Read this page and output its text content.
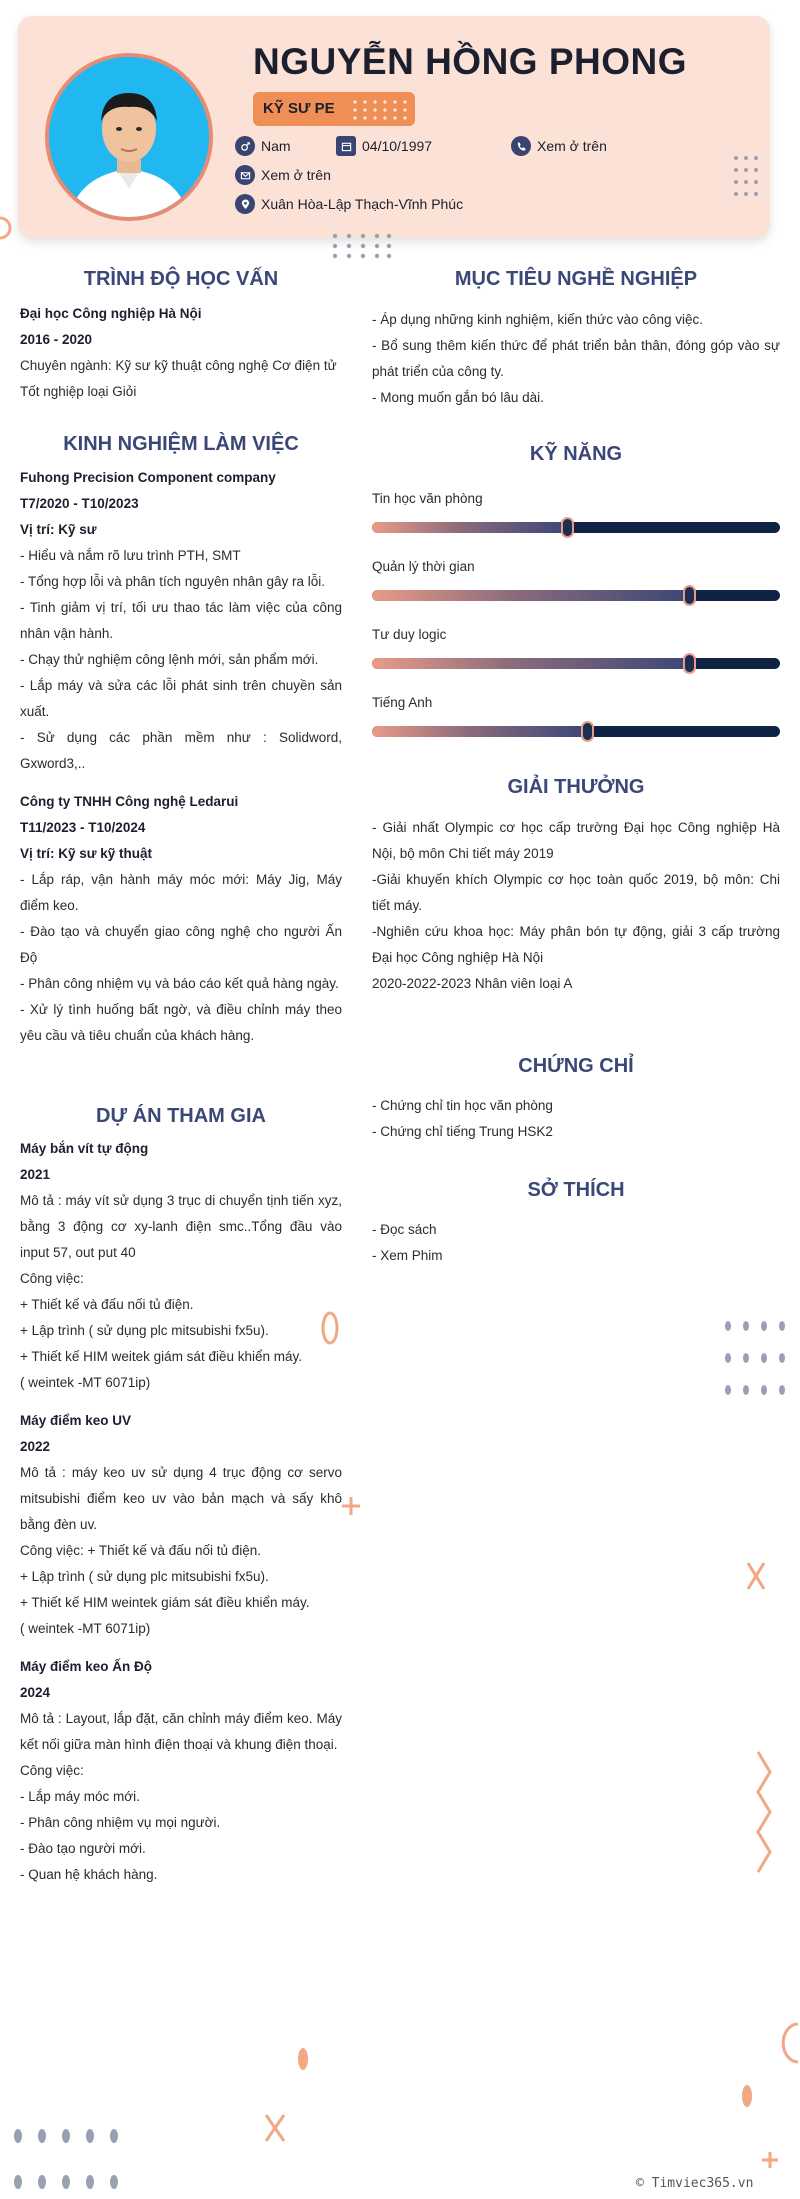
NGUYỄN HỒNG PHONG
KỸ SƯ PE
Nam	04/10/1997	Xem ở trên
Xem ở trên
Xuân Hòa-Lập Thạch-Vĩnh Phúc
TRÌNH ĐỘ HỌC VẤN

Đại học Công nghiệp Hà Nội

2016 - 2020

Chuyên ngành: Kỹ sư kỹ thuật công nghệ Cơ điện tử

Tốt nghiệp loại Giỏi

KINH NGHIỆM LÀM VIỆC

Fuhong Precision Component company

T7/2020 - T10/2023

Vị trí: Kỹ sư

- Hiểu và nắm rõ lưu trình PTH, SMT

- Tổng hợp lỗi và phân tích nguyên nhân gây ra lỗi.

- Tinh giảm vị trí, tối ưu thao tác làm việc của công nhân vận hành.

- Chạy thử nghiệm công lệnh mới, sản phẩm mới.

- Lắp máy và sửa các lỗi phát sinh trên chuyền sản xuất.

- Sử dụng các phần mềm như : Solidword, Gxword3,..

Công ty TNHH Công nghệ Ledarui

T11/2023 - T10/2024

Vị trí: Kỹ sư kỹ thuật

- Lắp ráp, vận hành máy móc mới: Máy Jig, Máy điểm keo.

- Đào tạo và chuyển giao công nghệ cho người Ấn Độ

- Phân công nhiệm vụ và báo cáo kết quả hàng ngày.

- Xử lý tình huống bất ngờ, và điều chỉnh máy theo yêu cầu và tiêu chuẩn của khách hàng.

DỰ ÁN THAM GIA

Máy bắn vít tự động

2021

Mô tả : máy vít sử dụng 3 trục di chuyển tịnh tiến xyz, bằng 3 động cơ xy-lanh điện smc..Tổng đầu vào input 57, out put 40

Công việc:

+ Thiết kế và đấu nối tủ điện.

+ Lập trình ( sử dụng plc mitsubishi fx5u).

+ Thiết kế HIM weitek giám sát điều khiển máy.

( weintek -MT 6071ip)

Máy điểm keo UV

2022

Mô tả : máy keo uv sử dụng 4 trục động cơ servo mitsubishi điểm keo uv vào bản mạch và sấy khô bằng đèn uv.

Công việc: + Thiết kế và đấu nối tủ điện.

+ Lập trình ( sử dụng plc mitsubishi fx5u).

+ Thiết kế HIM weintek giám sát điều khiển máy.

( weintek -MT 6071ip)

Máy điểm keo Ấn Độ

2024

Mô tả : Layout, lắp đặt, căn chỉnh máy điểm keo. Máy kết nối giữa màn hình điện thoại và khung điện thoại.

Công việc:

- Lắp máy móc mới.

- Phân công nhiệm vụ mọi người.

- Đào tạo người mới.

- Quan hệ khách hàng.

MỤC TIÊU NGHỀ NGHIỆP

- Áp dụng những kinh nghiệm, kiến thức vào công việc.

- Bổ sung thêm kiến thức để phát triển bản thân, đóng góp vào sự phát triển của công ty.

- Mong muốn gắn bó lâu dài.

KỸ NĂNG
Tin học văn phòng
Quản lý thời gian
Tư duy logic
Tiếng Anh
GIẢI THƯỞNG

- Giải nhất Olympic cơ học cấp trường Đại học Công nghiệp Hà Nội, bộ môn Chi tiết máy 2019

-Giải khuyến khích Olympic cơ học toàn quốc 2019, bộ môn: Chi tiết máy.

-Nghiên cứu khoa học: Máy phân bón tự động, giải 3 cấp trường Đại học Công nghiệp Hà Nội

2020-2022-2023 Nhân viên loại A

CHỨNG CHỈ

- Chứng chỉ tin học văn phòng

- Chứng chỉ tiếng Trung HSK2

SỞ THÍCH

- Đọc sách

- Xem Phim

© Timviec365.vn
